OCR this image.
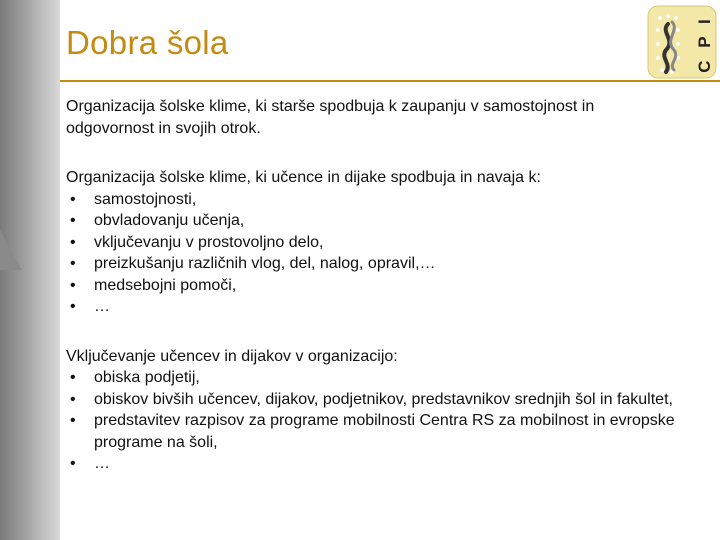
Dobra šola	C P I

Organizacija šolske klime, ki starše spodbuja k zaupanju v samostojnost in odgovornost in svojih otrok.

Organizacija šolske klime, ki učence in dijake spodbuja in navaja k:

• samostojnosti,
• obvladovanju učenja,
• vključevanju v prostovoljno delo,
• preizkušanju različnih vlog, del, nalog, opravil,…
• medsebojni pomoči,
• …

Vključevanje učencev in dijakov v organizacijo:

• obiska podjetij,
• obiskov bivših učencev, dijakov, podjetnikov, predstavnikov srednjih šol in fakultet,
• predstavitev razpisov za programe mobilnosti Centra RS za mobilnost in evropske programe na šoli,
• …
